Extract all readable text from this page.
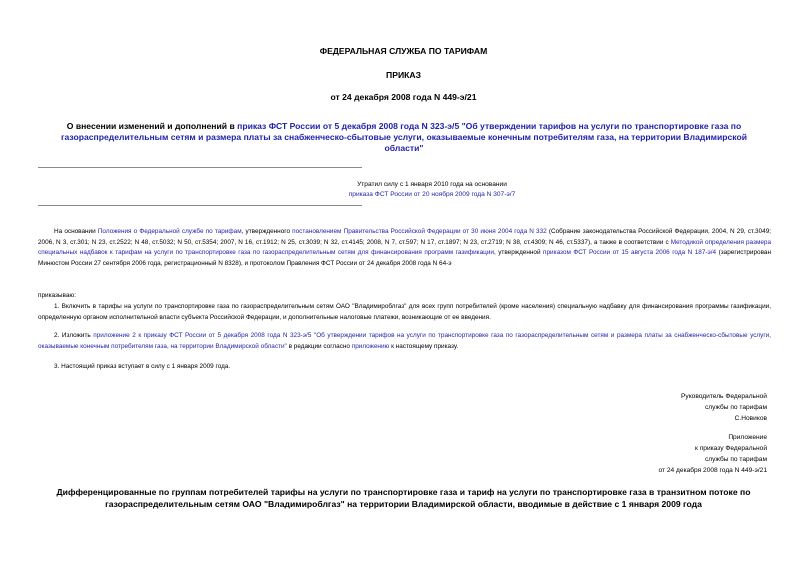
ФЕДЕРАЛЬНАЯ СЛУЖБА ПО ТАРИФАМ
ПРИКАЗ
от 24 декабря 2008 года N 449-э/21
О внесении изменений и дополнений в приказ ФСТ России от 5 декабря 2008 года N 323-э/5 "Об утверждении тарифов на услуги по транспортировке газа по газораспределительным сетям и размера платы за снабженческо-сбытовые услуги, оказываемые конечным потребителям газа, на территории Владимирской области"
Утратил силу с 1 января 2010 года на основании
приказа ФСТ России от 20 ноября 2009 года N 307-э/7
На основании Положения о Федеральной службе по тарифам, утвержденного постановлением Правительства Российской Федерации от 30 июня 2004 года N 332 (Собрание законодательства Российской Федерации, 2004, N 29, ст.3049; 2006, N 3, ст.301; N 23, ст.2522; N 48, ст.5032; N 50, ст.5354; 2007, N 16, ст.1912; N 25, ст.3039; N 32, ст.4145; 2008, N 7, ст.597; N 17, ст.1897; N 23, ст.2719; N 38, ст.4309; N 46, ст.5337), а также в соответствии с Методикой определения размера специальных надбавок к тарифам на услуги по транспортировке газа по газораспределительным сетям для финансирования программ газификации, утвержденной приказом ФСТ России от 15 августа 2006 года N 187-э/4 (зарегистрирован Минюстом России 27 сентября 2006 года, регистрационный N 8328), и протоколом Правления ФСТ России от 24 декабря 2008 года N 64-э
приказываю:
1. Включить в тарифы на услуги по транспортировке газа по газораспределительным сетям ОАО "Владимироблгаз" для всех групп потребителей (кроме населения) специальную надбавку для финансирования программы газификации, определенную органом исполнительной власти субъекта Российской Федерации, и дополнительные налоговые платежи, возникающие от ее введения.
2. Изложить приложение 2 к приказу ФСТ России от 5 декабря 2008 года N 323-э/5 "Об утверждении тарифов на услуги по транспортировке газа по газораспределительным сетям и размера платы за снабженческо-сбытовые услуги, оказываемые конечным потребителям газа, на территории Владимирской области" в редакции согласно приложению к настоящему приказу.
3. Настоящий приказ вступает в силу с 1 января 2009 года.
Руководитель Федеральной
службы по тарифам
С.Новиков
Приложение
к приказу Федеральной
службы по тарифам
от 24 декабря 2008 года N 449-э/21
Дифференцированные по группам потребителей тарифы на услуги по транспортировке газа и тариф на услуги по транспортировке газа в транзитном потоке по газораспределительным сетям ОАО "Владимироблгаз" на территории Владимирской области, вводимые в действие с 1 января 2009 года
